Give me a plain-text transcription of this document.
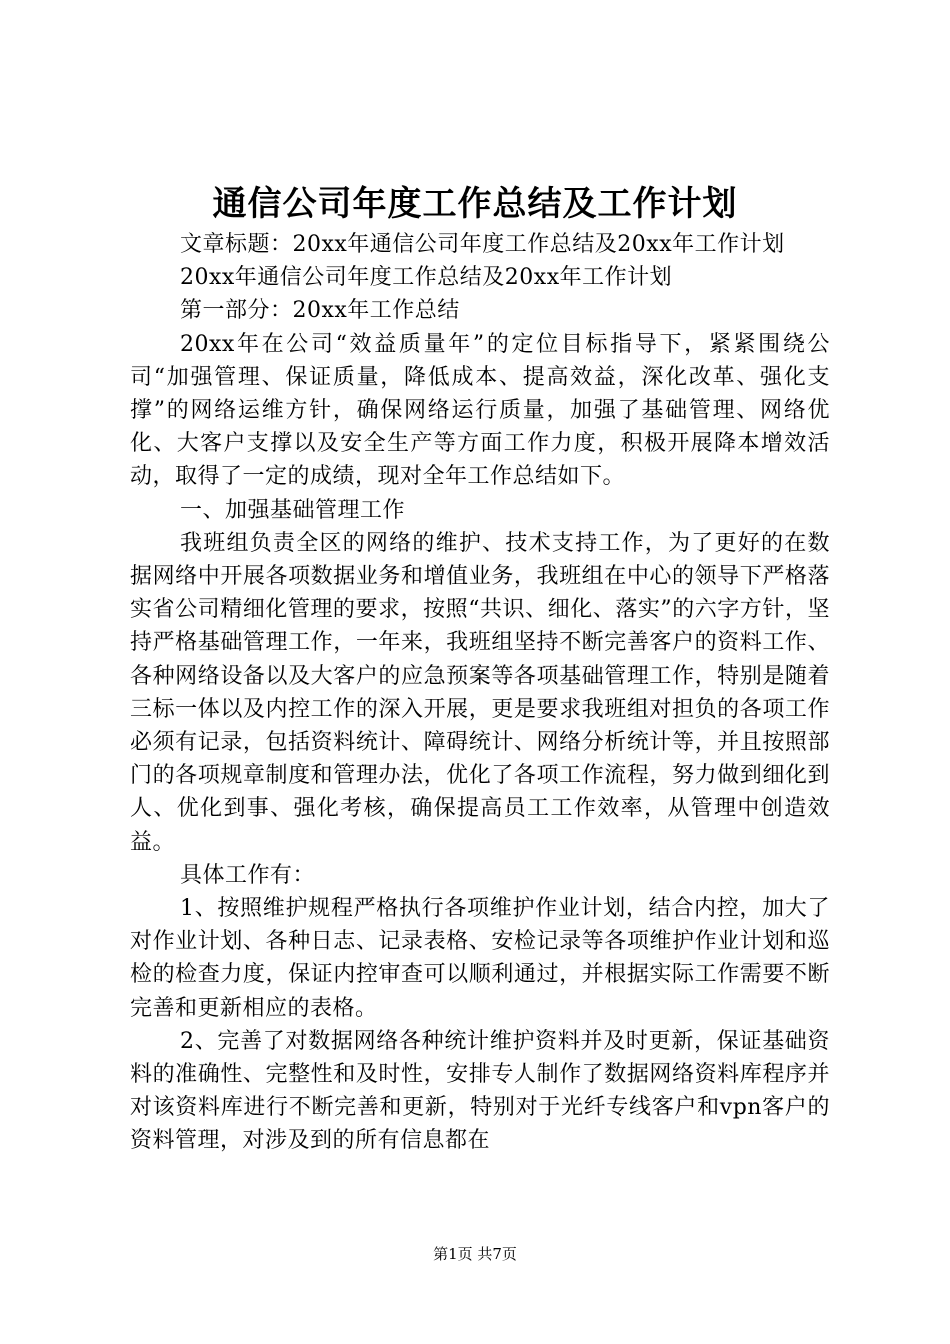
通信公司年度工作总结及工作计划

文章标题：20xx年通信公司年度工作总结及20xx年工作计划

20xx年通信公司年度工作总结及20xx年工作计划

第一部分：20xx年工作总结

20xx年在公司“效益质量年”的定位目标指导下，紧紧围绕公司“加强管理、保证质量，降低成本、提高效益，深化改革、强化支撑”的网络运维方针，确保网络运行质量，加强了基础管理、网络优化、大客户支撑以及安全生产等方面工作力度，积极开展降本增效活动，取得了一定的成绩，现对全年工作总结如下。

一、加强基础管理工作

我班组负责全区的网络的维护、技术支持工作，为了更好的在数据网络中开展各项数据业务和增值业务，我班组在中心的领导下严格落实省公司精细化管理的要求，按照“共识、细化、落实”的六字方针，坚持严格基础管理工作，一年来，我班组坚持不断完善客户的资料工作、各种网络设备以及大客户的应急预案等各项基础管理工作，特别是随着三标一体以及内控工作的深入开展，更是要求我班组对担负的各项工作必须有记录，包括资料统计、障碍统计、网络分析统计等，并且按照部门的各项规章制度和管理办法，优化了各项工作流程，努力做到细化到人、优化到事、强化考核，确保提高员工工作效率，从管理中创造效益。

具体工作有：

1、按照维护规程严格执行各项维护作业计划，结合内控，加大了对作业计划、各种日志、记录表格、安检记录等各项维护作业计划和巡检的检查力度，保证内控审查可以顺利通过，并根据实际工作需要不断完善和更新相应的表格。

2、完善了对数据网络各种统计维护资料并及时更新，保证基础资料的准确性、完整性和及时性，安排专人制作了数据网络资料库程序并对该资料库进行不断完善和更新，特别对于光纤专线客户和vpn客户的资料管理，对涉及到的所有信息都在

第1页 共7页
